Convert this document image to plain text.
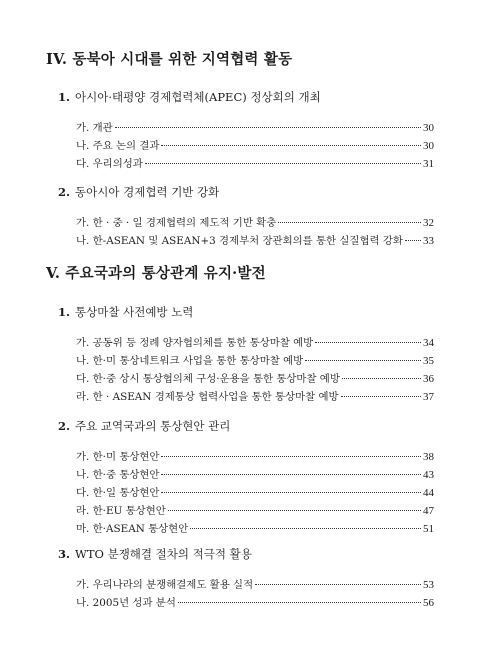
IV. 동북아 시대를 위한 지역협력 활동
1. 아시아·태평양 경제협력체(APEC) 정상회의 개최
가. 개관	30
나. 주요 논의 결과	30
다. 우리의성과	31
2. 동아시아 경제협력 기반 강화
가. 한 · 중 · 일 경제협력의 제도적 기반 확충	32
나. 한-ASEAN 및 ASEAN+3 경제부처 장관회의를 통한 실질협력 강화 33
V. 주요국과의 통상관계 유지·발전
1. 통상마찰 사전예방 노력
가. 공동위 등 정례 양자협의체를 통한 통상마찰 예방	34
나. 한·미 통상네트워크 사업을 통한 통상마찰 예방	35
다. 한·중 상시 통상협의체 구성·운용을 통한 통상마찰 예방	36
라. 한 · ASEAN 경제통상 협력사업을 통한 통상마찰 예방	37
2. 주요 교역국과의 통상현안 관리
가. 한·미 통상현안	38
나. 한·중 통상현안	43
다. 한·일 통상현안	44
라. 한·EU 통상현안	47
마. 한·ASEAN 통상현안	51
3. WTO 분쟁해결 절차의 적극적 활용
가. 우리나라의 분쟁해결제도 활용 실적	53
나. 2005년 성과 분석	56
